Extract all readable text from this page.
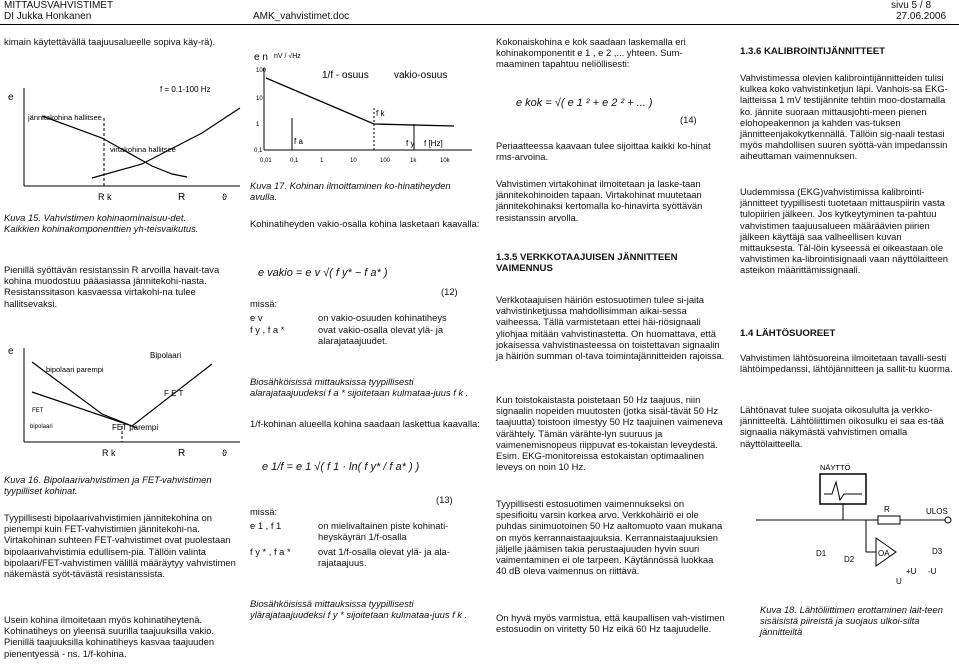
MITTAUSVAHVISTIMET	sivu 5 / 8
DI Jukka Honkanen	AMK_vahvistimet.doc	27.06.2006
kimain käytettävällä taajuusalueelle sopiva käy-rä).
e
f = 0.1-100 Hz
jännitekohina hallitsee
virtakohina hallitsee
R k	R	ϑ
Kuva 15. Vahvistimen kohinaominaisuu-det. Kaikkien kohinakomponenttien yh-teisvaikutus.
Pienillä syöttävän resistanssin R arvoilla havait-tava kohina muodostuu pääasiassa jännitekohi-nasta. Resistanssitason kasvaessa virtakohi-na tulee hallitsevaksi.
e
bipolaari parempi
Bipolaari
F E T
FET parempi
FET
bipolaari
R k	R	ϑ
Kuva 16. Bipolaarivahvistimen ja FET-vahvistimen tyypilliset kohinat.
Tyypillisesti bipolaarivahvistimien jännitekohina on pienempi kuin FET-vahvistimien jännitekohi-na. Virtakohinan suhteen FET-vahvistimet ovat puolestaan bipolaarivahvistimia edullisem-pia. Tällöin valinta bipolaari/FET-vahvistimen välillä määräytyy vahvistimen näkemästä syöt-tävästä resistanssista.
Usein kohina ilmoitetaan myös kohinatiheytenä. Kohinatiheys on yleensä suurilla taajuuksilla vakio. Pienillä taajuuksilla kohinatiheys kasvaa taajuuden pienentyessä - ns. 1/f-kohina.
e n nV / √Hz
1/f - osuus	vakio-osuus
f k
f a	f y f [Hz]
100
10
1
0,1
0,01	0,1	1	10	100	1k	10k
Kuva 17. Kohinan ilmoittaminen ko-hinatiheyden avulla.
Kohinatiheyden vakio-osalla kohina lasketaan kaavalla:
e vakio = e v √( f y* − f a* )
(12)
missä:
e v	on vakio-osuuden kohinatiheys
f y , f a *	ovat vakio-osalla olevat ylä- ja alarajataajuudet.
Biosähköisissä mittauksissa tyypillisesti alarajataajuudeksi f a * sijoitetaan kulmataa-juus f k .
1/f-kohinan alueella kohina saadaan laskettua kaavalla:
e 1/f = e 1 √( f 1 · ln( f y* / f a* ) )
(13)
missä:
e 1 , f 1	on mielivaltainen piste kohinati-heyskäyrän 1/f-osalla
f y * , f a *	ovat 1/f-osalla olevat ylä- ja ala-rajataajuus.
Biosähköisissä mittauksissa tyypillisesti ylärajataajuudeksi f y * sijoitetaan kulmataa-juus f k .
Kokonaiskohina e kok saadaan laskemalla eri kohinakomponentit e 1 , e 2 ,... yhteen. Sum-maaminen tapahtuu neliöllisesti:
e kok = √( e 1 ² + e 2 ² + ... )
(14)
Periaatteessa kaavaan tulee sijoittaa kaikki ko-hinat rms-arvoina.
Vahvistimen virtakohinat ilmoitetaan ja laske-taan jännitekohinoiden tapaan. Virtakohinat muutetaan jännitekohinaksi kertomalla ko-hinavirta syöttävän resistanssin arvolla.
1.3.5 VERKKOTAAJUISEN JÄNNITTEEN VAIMENNUS
Verkkotaajuisen häiriön estosuotimen tulee si-jaita vahvistinketjussa mahdollisimman aikai-sessa vaiheessa. Tällä varmistetaan ettei häi-riösignaali yliohjaa mitään vahvistinastetta. On huomattava, että jokaisessa vahvistinasteessa on toistettavan signaalin ja häiriön summan ol-tava toimintajännitteiden rajoissa.
Kun toistokaistasta poistetaan 50 Hz taajuus, niin signaalin nopeiden muutosten (jotka sisäl-tävät 50 Hz taajuutta) toistoon ilmestyy 50 Hz taajuinen vaimeneva värähtely. Tämän värähte-lyn suuruus ja vaimenemisnopeus riippuvat es-tokaistan leveydestä. Esim. EKG-monitoreissa estokaistan optimaalinen leveys on noin 10 Hz.
Tyypillisesti estosuotimen vaimennukseksi on spesifioitu varsin korkea arvo. Verkkohäiriö ei ole puhdas sinimuotoinen 50 Hz aaltomuoto vaan mukana on myös kerrannaistaajuuksia. Kerrannaistaajuuksien jäljelle jäämisen takia perustaajuuden hyvin suuri vaimentaminen ei ole tarpeen. Käytännössä luokkaa 40 dB oleva vaimennus on riittävä.
On hyvä myös varmistua, että kaupallisen vah-vistimen estosuodin on viritetty 50 Hz eikä 60 Hz taajuudelle.
1.3.6 KALIBROINTIJÄNNITTEET
Vahvistimessa olevien kalibrointijännitteiden tulisi kulkea koko vahvistinketjun läpi. Vanhois-sa EKG-laitteissa 1 mV testijännite tehtiin moo-dostamalla ko. jännite suoraan mittausjohti-meen pienen elohopeakennon ja kahden vas-tuksen jännitteenjakokytkennällä. Tällöin sig-naali testasi myös mahdollisen suuren syöttä-vän impedanssin aiheuttaman vaimennuksen.
Uudemmissa (EKG)vahvistimissa kalibrointi-jännitteet tyypillisesti tuotetaan mittauspiirin vasta tulopiirien jälkeen. Jos kytkeytyminen ta-pahtuu vahvistimen taajuusalueen määräävien piirien jälkeen käyttäjä saa valheellisen kuvan mittauksesta. Täl-löin kyseessä ei oikeastaan ole vahvistimen ka-librointisignaali vaan näyttölaitteen asteikon määrittämissignaali.
1.4 LÄHTÖSUOREET
Vahvistimen lähtösuoreina ilmoitetaan tavalli-sesti lähtöimpedanssi, lähtöjännitteen ja sallit-tu kuorma.
Lähtönavat tulee suojata oikosululta ja verkko-jännitteeltä. Lähtöliittimen oikosulku ei saa es-tää signaalia näkymästä vahvistimen omalla näyttölaitteella.
NÄYTTÖ
R	ULOS
OA
D1
D2
D3
+U -U
U
Kuva 18. Lähtöliittimen erottaminen lait-teen sisäisistä piireistä ja suojaus ulkoi-silta jännitteiltä
